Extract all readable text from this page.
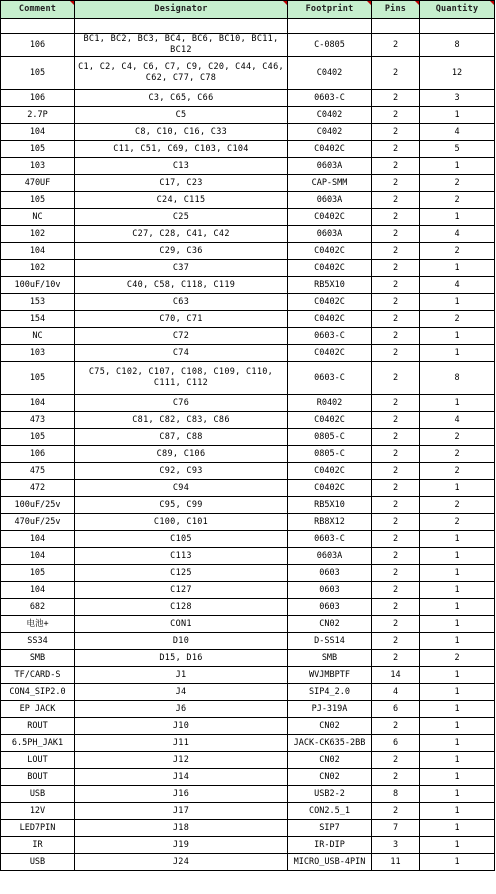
Comment	Designator	Footprint	Pins	Quantity

106	BC1, BC2, BC3, BC4, BC6, BC10, BC11, BC12	C-0805	2	8
105	C1, C2, C4, C6, C7, C9, C20, C44, C46, C62, C77, C78	C0402	2	12
106	C3, C65, C66	0603-C	2	3
2.7P	C5	C0402	2	1
104	C8, C10, C16, C33	C0402	2	4
105	C11, C51, C69, C103, C104	C0402C	2	5
103	C13	0603A	2	1
470UF	C17, C23	CAP-SMM	2	2
105	C24, C115	0603A	2	2
NC	C25	C0402C	2	1
102	C27, C28, C41, C42	0603A	2	4
104	C29, C36	C0402C	2	2
102	C37	C0402C	2	1
100uF/10v	C40, C58, C118, C119	RB5X10	2	4
153	C63	C0402C	2	1
154	C70, C71	C0402C	2	2
NC	C72	0603-C	2	1
103	C74	C0402C	2	1
105	C75, C102, C107, C108, C109, C110, C111, C112	0603-C	2	8
104	C76	R0402	2	1
473	C81, C82, C83, C86	C0402C	2	4
105	C87, C88	0805-C	2	2
106	C89, C106	0805-C	2	2
475	C92, C93	C0402C	2	2
472	C94	C0402C	2	1
100uF/25v	C95, C99	RB5X10	2	2
470uF/25v	C100, C101	RB8X12	2	2
104	C105	0603-C	2	1
104	C113	0603A	2	1
105	C125	0603	2	1
104	C127	0603	2	1
682	C128	0603	2	1
电池+	CON1	CN02	2	1
SS34	D10	D-SS14	2	1
SMB	D15, D16	SMB	2	2
TF/CARD-S	J1	WVJMBPTF	14	1
CON4_SIP2.0	J4	SIP4_2.0	4	1
EP JACK	J6	PJ-319A	6	1
ROUT	J10	CN02	2	1
6.5PH_JAK1	J11	JACK-CK635-2BB	6	1
LOUT	J12	CN02	2	1
BOUT	J14	CN02	2	1
USB	J16	USB2-2	8	1
12V	J17	CON2.5_1	2	1
LED7PIN	J18	SIP7	7	1
IR	J19	IR-DIP	3	1
USB	J24	MICRO_USB-4PIN	11	1
